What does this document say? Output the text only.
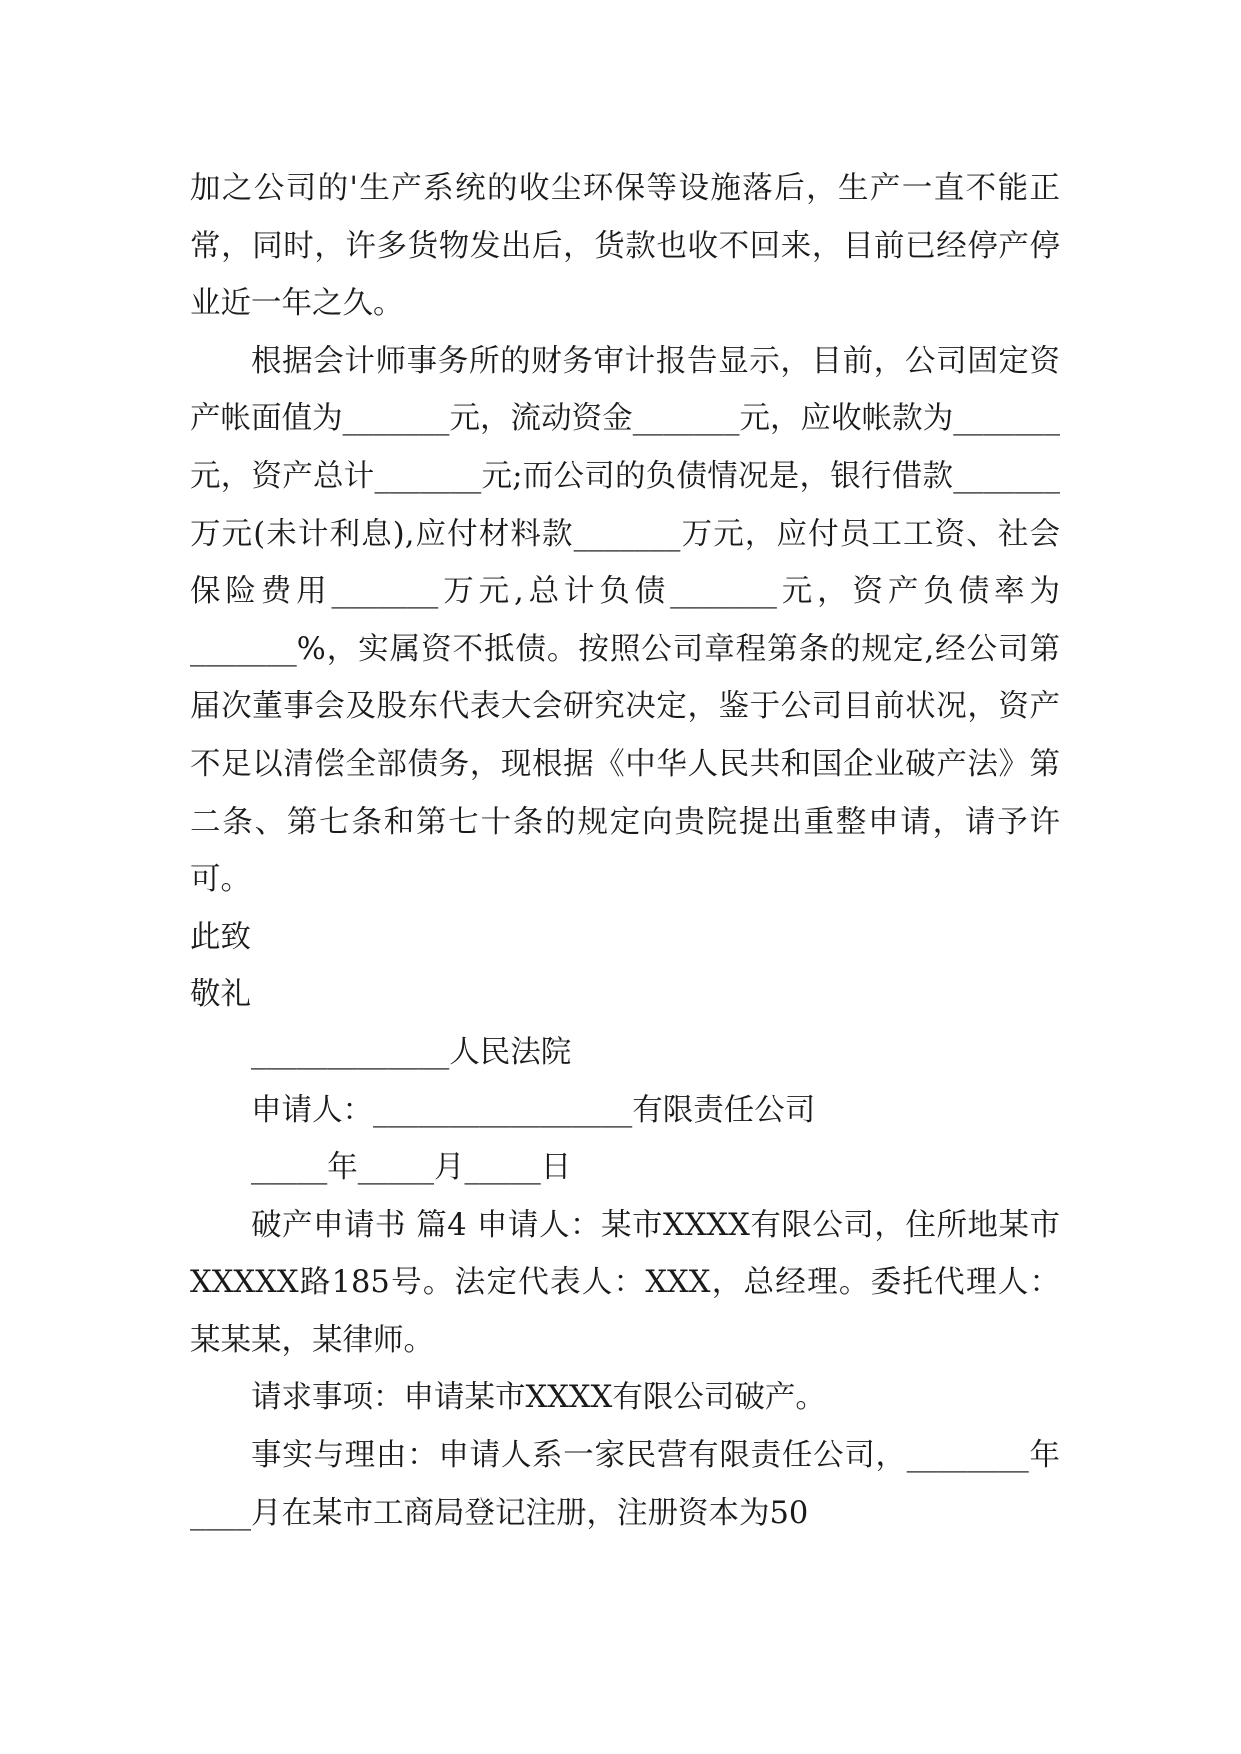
加之公司的'生产系统的收尘环保等设施落后，生产一直不能正常，同时，许多货物发出后，货款也收不回来，目前已经停产停业近一年之久。

根据会计师事务所的财务审计报告显示，目前，公司固定资产帐面值为_______元，流动资金_______元，应收帐款为_______元，资产总计_______元;而公司的负债情况是，银行借款_______万元(未计利息),应付材料款_______万元，应付员工工资、社会保险费用_______万元,总计负债_______元，资产负债率为_______%，实属资不抵债。按照公司章程第条的规定,经公司第届次董事会及股东代表大会研究决定，鉴于公司目前状况，资产不足以清偿全部债务，现根据《中华人民共和国企业破产法》第二条、第七条和第七十条的规定向贵院提出重整申请，请予许可。

此致

敬礼

_____________人民法院

申请人：_________________有限责任公司

_____年_____月_____日

破产申请书 篇4 申请人：某市XXXX有限公司，住所地某市XXXXX路185号。法定代表人：XXX，总经理。委托代理人：某某某，某律师。

请求事项：申请某市XXXX有限公司破产。

事实与理由：申请人系一家民营有限责任公司，________年____月在某市工商局登记注册，注册资本为50
